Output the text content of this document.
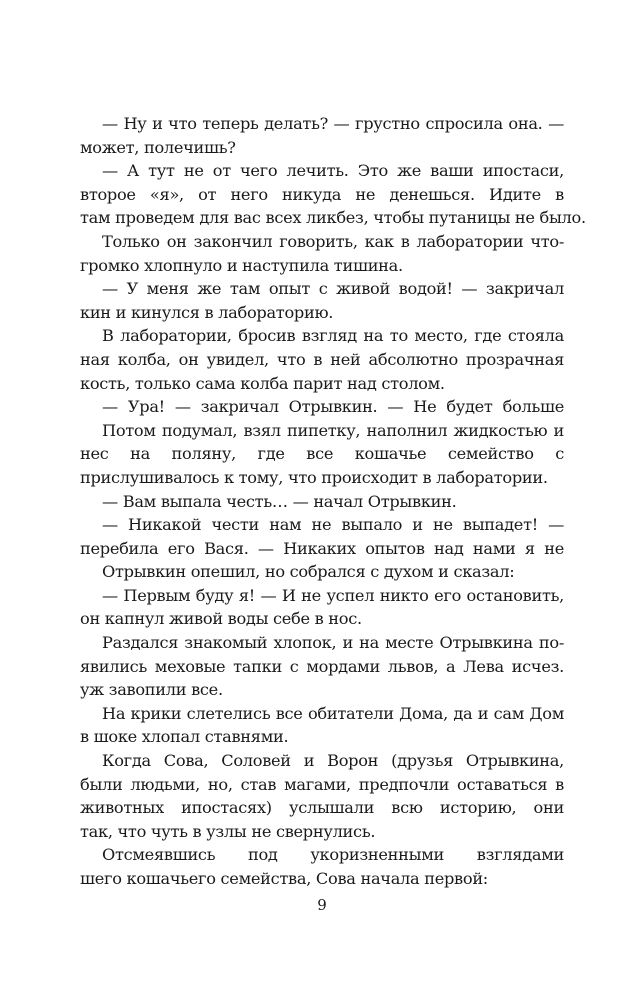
— Ну и что теперь делать? — грустно спросила она. —
может, полечишь?
— А тут не от чего лечить. Это же ваши ипостаси,
второе «я», от него никуда не денешься. Идите в
там проведем для вас всех ликбез, чтобы путаницы не было.
Только он закончил говорить, как в лаборатории что-
громко хлопнуло и наступила тишина.
— У меня же там опыт с живой водой! — закричал
кин и кинулся в лабораторию.
В лаборатории, бросив взгляд на то место, где стояла
ная колба, он увидел, что в ней абсолютно прозрачная
кость, только сама колба парит над столом.
— Ура! — закричал Отрывкин. — Не будет больше
Потом подумал, взял пипетку, наполнил жидкостью и
нес на поляну, где все кошачье семейство с
прислушивалось к тому, что происходит в лаборатории.
— Вам выпала честь… — начал Отрывкин.
— Никакой чести нам не выпало и не выпадет! —
перебила его Вася. — Никаких опытов над нами я не
Отрывкин опешил, но собрался с духом и сказал:
— Первым буду я! — И не успел никто его остановить,
он капнул живой воды себе в нос.
Раздался знакомый хлопок, и на месте Отрывкина по-
явились меховые тапки с мордами львов, а Лева исчез.
уж завопили все.
На крики слетелись все обитатели Дома, да и сам Дом
в шоке хлопал ставнями.
Когда Сова, Соловей и Ворон (друзья Отрывкина,
были людьми, но, став магами, предпочли оставаться в
животных ипостасях) услышали всю историю, они
так, что чуть в узлы не свернулись.
Отсмеявшись под укоризненными взглядами
шего кошачьего семейства, Сова начала первой:
9
